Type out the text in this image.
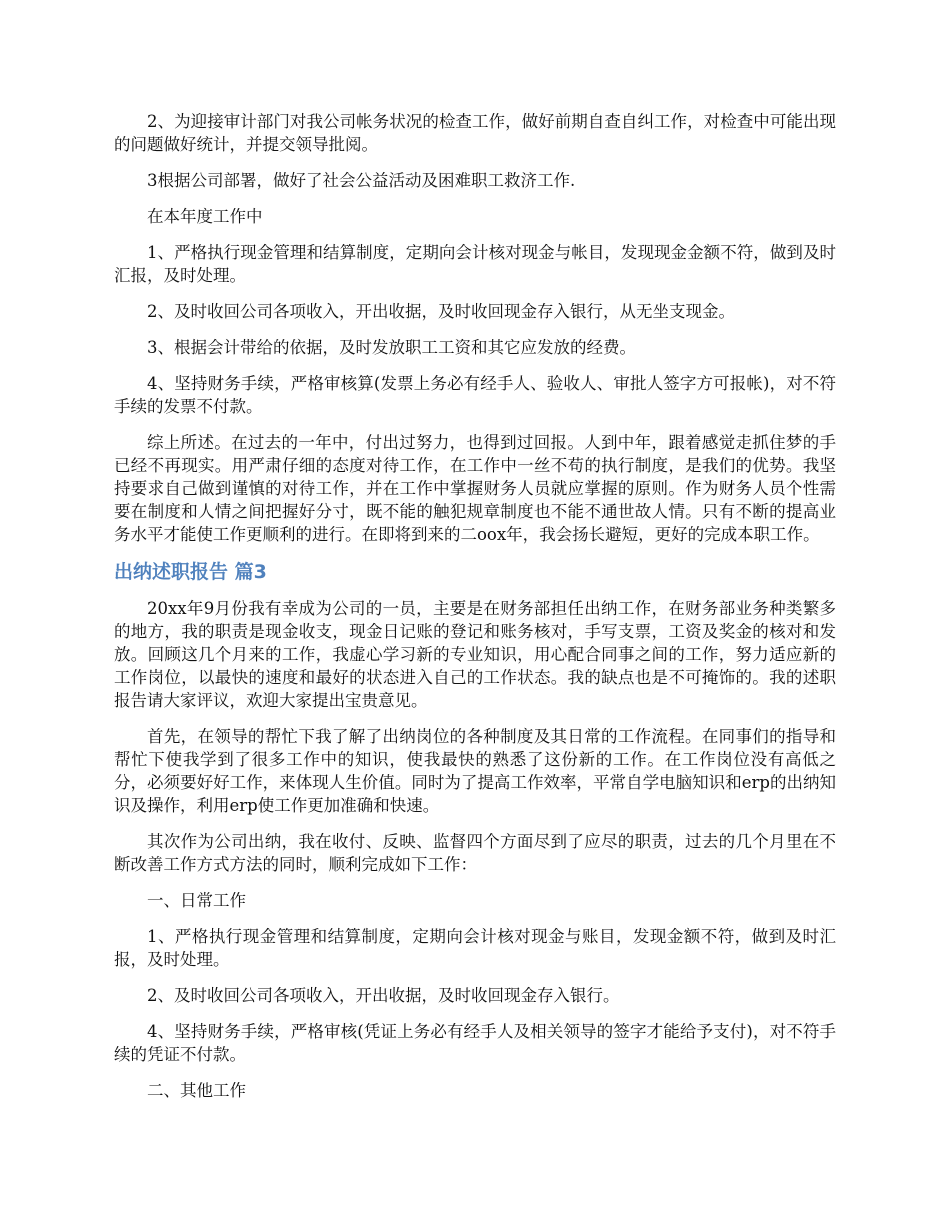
2、为迎接审计部门对我公司帐务状况的检查工作，做好前期自查自纠工作，对检查中可能出现的问题做好统计，并提交领导批阅。

3根据公司部署，做好了社会公益活动及困难职工救济工作.

在本年度工作中

1、严格执行现金管理和结算制度，定期向会计核对现金与帐目，发现现金金额不符，做到及时汇报，及时处理。

2、及时收回公司各项收入，开出收据，及时收回现金存入银行，从无坐支现金。

3、根据会计带给的依据，及时发放职工工资和其它应发放的经费。

4、坚持财务手续，严格审核算(发票上务必有经手人、验收人、审批人签字方可报帐)，对不符手续的发票不付款。

综上所述。在过去的一年中，付出过努力，也得到过回报。人到中年，跟着感觉走抓住梦的手已经不再现实。用严肃仔细的态度对待工作，在工作中一丝不苟的执行制度，是我们的优势。我坚持要求自己做到谨慎的对待工作，并在工作中掌握财务人员就应掌握的原则。作为财务人员个性需要在制度和人情之间把握好分寸，既不能的触犯规章制度也不能不通世故人情。只有不断的提高业务水平才能使工作更顺利的进行。在即将到来的二oox年，我会扬长避短，更好的完成本职工作。

出纳述职报告 篇3

20xx年9月份我有幸成为公司的一员，主要是在财务部担任出纳工作，在财务部业务种类繁多的地方，我的职责是现金收支，现金日记账的登记和账务核对，手写支票，工资及奖金的核对和发放。回顾这几个月来的工作，我虚心学习新的专业知识，用心配合同事之间的工作，努力适应新的工作岗位，以最快的速度和最好的状态进入自己的工作状态。我的缺点也是不可掩饰的。我的述职报告请大家评议，欢迎大家提出宝贵意见。

首先，在领导的帮忙下我了解了出纳岗位的各种制度及其日常的工作流程。在同事们的指导和帮忙下使我学到了很多工作中的知识，使我最快的熟悉了这份新的工作。在工作岗位没有高低之分，必须要好好工作，来体现人生价值。同时为了提高工作效率，平常自学电脑知识和erp的出纳知识及操作，利用erp使工作更加准确和快速。

其次作为公司出纳，我在收付、反映、监督四个方面尽到了应尽的职责，过去的几个月里在不断改善工作方式方法的同时，顺利完成如下工作：

一、日常工作

1、严格执行现金管理和结算制度，定期向会计核对现金与账目，发现金额不符，做到及时汇报，及时处理。

2、及时收回公司各项收入，开出收据，及时收回现金存入银行。

4、坚持财务手续，严格审核(凭证上务必有经手人及相关领导的签字才能给予支付)，对不符手续的凭证不付款。

二、其他工作
